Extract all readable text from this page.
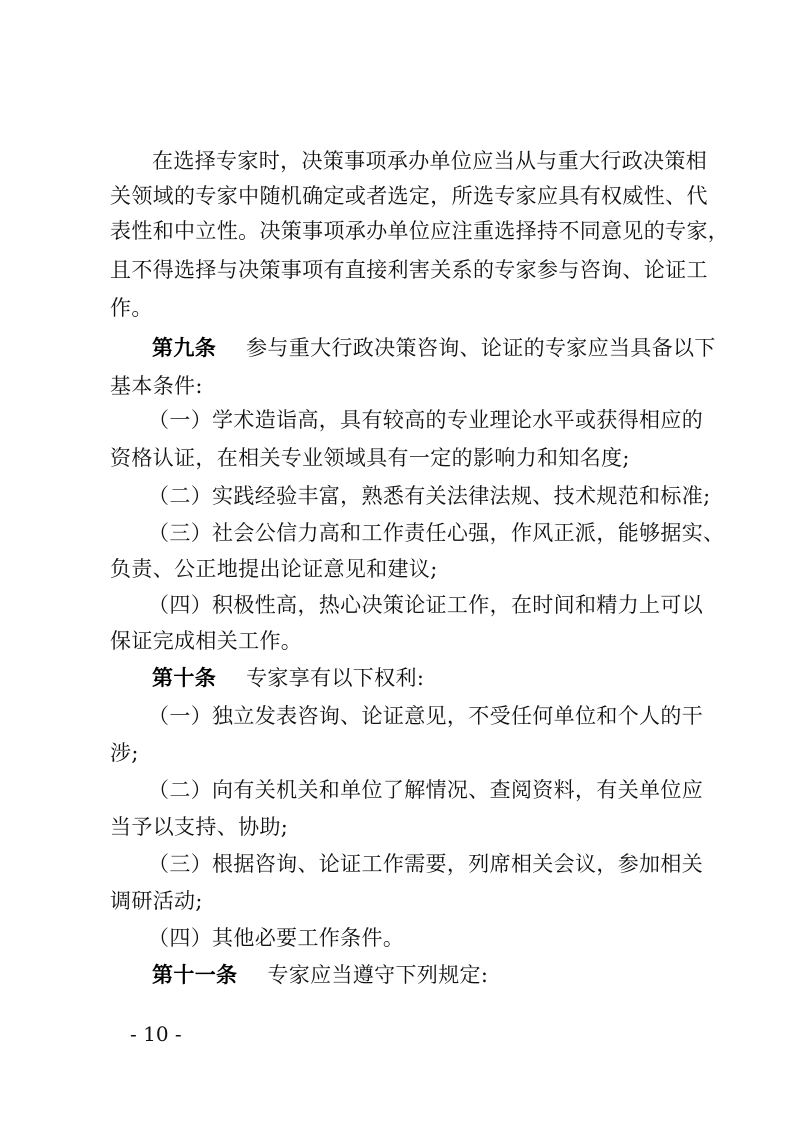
在选择专家时，决策事项承办单位应当从与重大行政决策相
关领域的专家中随机确定或者选定，所选专家应具有权威性、代
表性和中立性。决策事项承办单位应注重选择持不同意见的专家，
且不得选择与决策事项有直接利害关系的专家参与咨询、论证工
作。
第九条 参与重大行政决策咨询、论证的专家应当具备以下
基本条件:
（一）学术造诣高，具有较高的专业理论水平或获得相应的
资格认证，在相关专业领域具有一定的影响力和知名度;
（二）实践经验丰富，熟悉有关法律法规、技术规范和标准;
（三）社会公信力高和工作责任心强，作风正派，能够据实、
负责、公正地提出论证意见和建议;
（四）积极性高，热心决策论证工作，在时间和精力上可以
保证完成相关工作。
第十条 专家享有以下权利:
（一）独立发表咨询、论证意见，不受任何单位和个人的干
涉;
（二）向有关机关和单位了解情况、查阅资料，有关单位应
当予以支持、协助;
（三）根据咨询、论证工作需要，列席相关会议，参加相关
调研活动;
（四）其他必要工作条件。
第十一条 专家应当遵守下列规定:
- 10 -
